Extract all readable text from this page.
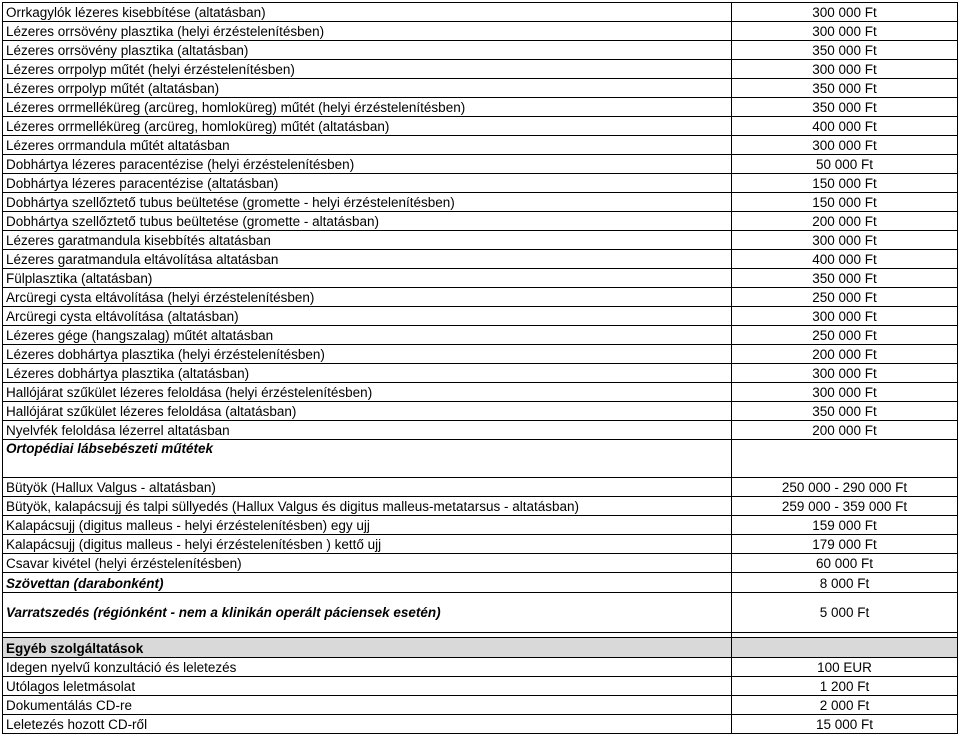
Orrkagylók lézeres kisebbítése (altatásban)	300 000 Ft
Lézeres orrsövény plasztika (helyi érzéstelenítésben)	300 000 Ft
Lézeres orrsövény plasztika (altatásban)	350 000 Ft
Lézeres orrpolyp műtét (helyi érzéstelenítésben)	300 000 Ft
Lézeres orrpolyp műtét (altatásban)	350 000 Ft
Lézeres orrmelléküreg (arcüreg, homloküreg) műtét (helyi érzéstelenítésben)	350 000 Ft
Lézeres orrmelléküreg (arcüreg, homloküreg) műtét (altatásban)	400 000 Ft
Lézeres orrmandula műtét altatásban	300 000 Ft
Dobhártya lézeres paracentézise (helyi érzéstelenítésben)	50 000 Ft
Dobhártya lézeres paracentézise (altatásban)	150 000 Ft
Dobhártya szellőztető tubus beültetése (gromette - helyi érzéstelenítésben)	150 000 Ft
Dobhártya szellőztető tubus beültetése (gromette - altatásban)	200 000 Ft
Lézeres garatmandula kisebbítés altatásban	300 000 Ft
Lézeres garatmandula eltávolítása altatásban	400 000 Ft
Fülplasztika (altatásban)	350 000 Ft
Arcüregi cysta eltávolítása (helyi érzéstelenítésben)	250 000 Ft
Arcüregi cysta eltávolítása (altatásban)	300 000 Ft
Lézeres gége (hangszalag) műtét altatásban	250 000 Ft
Lézeres dobhártya plasztika (helyi érzéstelenítésben)	200 000 Ft
Lézeres dobhártya plasztika (altatásban)	300 000 Ft
Hallójárat szűkület lézeres feloldása (helyi érzéstelenítésben)	300 000 Ft
Hallójárat szűkület lézeres feloldása (altatásban)	350 000 Ft
Nyelvfék feloldása lézerrel altatásban	200 000 Ft
Ortopédiai lábsebészeti műtétek
Bütyök (Hallux Valgus - altatásban)	250 000 - 290 000 Ft
Bütyök, kalapácsujj és talpi süllyedés (Hallux Valgus és digitus malleus-metatarsus - altatásban)	259 000 - 359 000 Ft
Kalapácsujj (digitus malleus - helyi érzéstelenítésben) egy ujj	159 000 Ft
Kalapácsujj (digitus malleus - helyi érzéstelenítésben ) kettő ujj	179 000 Ft
Csavar kivétel (helyi érzéstelenítésben)	60 000 Ft
Szövettan (darabonként)	8 000 Ft
Varratszedés (régiónként - nem a klinikán operált páciensek esetén)	5 000 Ft
Egyéb szolgáltatások
Idegen nyelvű konzultáció és leletezés	100 EUR
Utólagos leletmásolat	1 200 Ft
Dokumentálás CD-re	2 000 Ft
Leletezés hozott CD-ről	15 000 Ft
